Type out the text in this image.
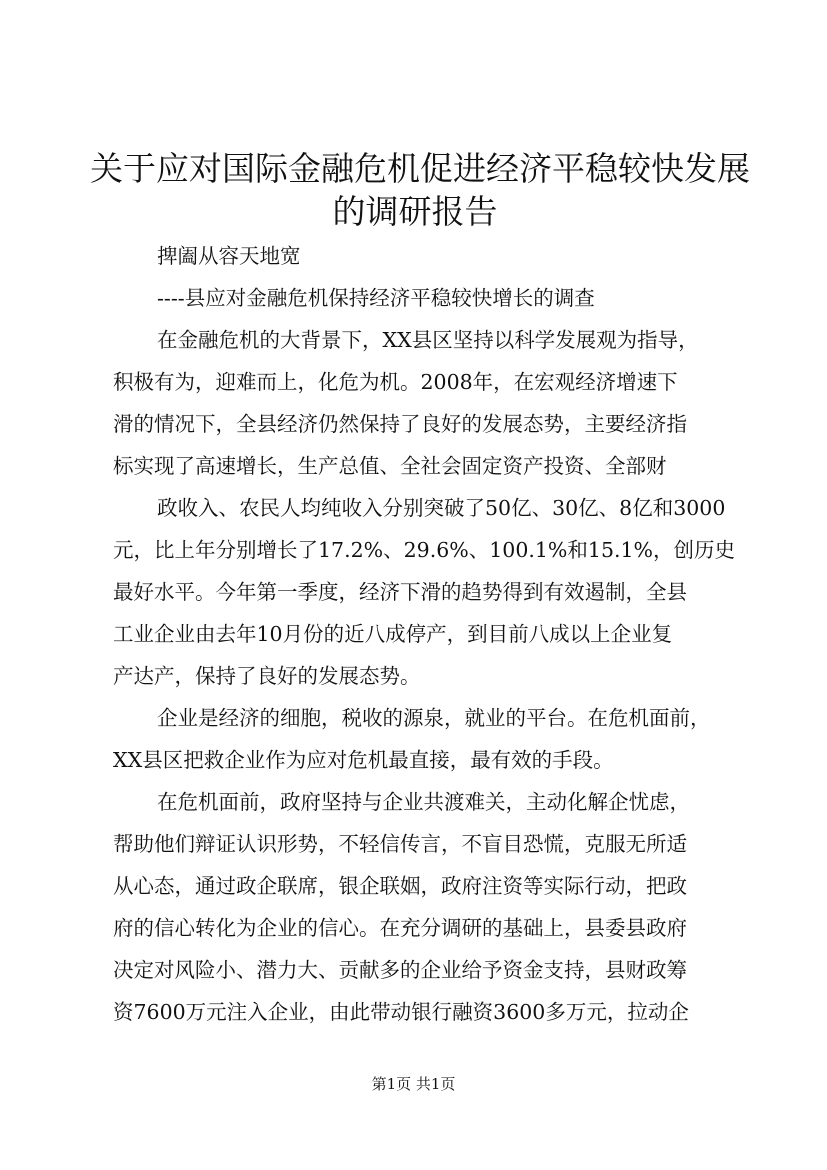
关于应对国际金融危机促进经济平稳较快发展
的调研报告

捭阖从容天地宽

----县应对金融危机保持经济平稳较快增长的调查

在金融危机的大背景下，XX县区坚持以科学发展观为指导，

积极有为，迎难而上，化危为机。2008年，在宏观经济增速下

滑的情况下，全县经济仍然保持了良好的发展态势，主要经济指

标实现了高速增长，生产总值、全社会固定资产投资、全部财

政收入、农民人均纯收入分别突破了50亿、30亿、8亿和3000

元，比上年分别增长了17.2%、29.6%、100.1%和15.1%，创历史

最好水平。今年第一季度，经济下滑的趋势得到有效遏制，全县

工业企业由去年10月份的近八成停产，到目前八成以上企业复

产达产，保持了良好的发展态势。

企业是经济的细胞，税收的源泉，就业的平台。在危机面前，

XX县区把救企业作为应对危机最直接，最有效的手段。

在危机面前，政府坚持与企业共渡难关，主动化解企忧虑，

帮助他们辩证认识形势，不轻信传言，不盲目恐慌，克服无所适

从心态，通过政企联席，银企联姻，政府注资等实际行动，把政

府的信心转化为企业的信心。在充分调研的基础上，县委县政府

决定对风险小、潜力大、贡献多的企业给予资金支持，县财政筹

资7600万元注入企业，由此带动银行融资3600多万元，拉动企

第1页 共1页
